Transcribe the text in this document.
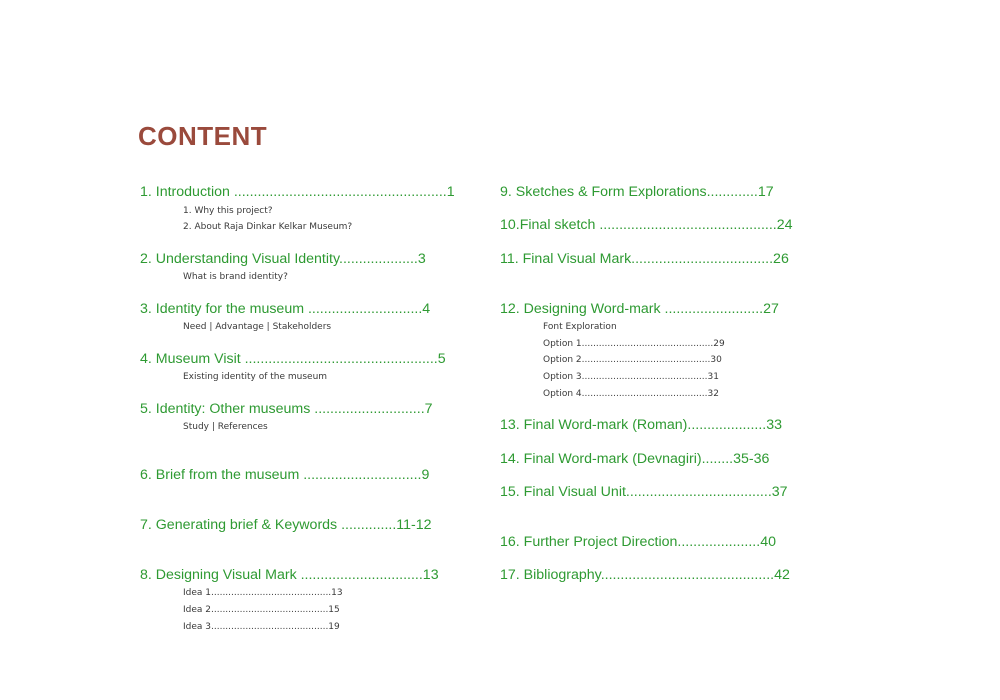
CONTENT

1. Introduction ......................................................1

1. Why this project?

2. About Raja Dinkar Kelkar Museum?

2. Understanding Visual Identity....................3

What is brand identity?

3. Identity for the museum .............................4

Need | Advantage | Stakeholders

4. Museum Visit .................................................5

Existing identity of the museum

5. Identity: Other museums ............................7

Study | References

6. Brief from the museum ..............................9

7. Generating brief & Keywords ..............11-12

8. Designing Visual Mark ...............................13

Idea 1..........................................13

Idea 2.........................................15

Idea 3.........................................19

9. Sketches & Form Explorations.............17

10.Final sketch .............................................24

11. Final Visual Mark....................................26

12. Designing Word-mark .........................27

Font Exploration

Option 1..............................................29

Option 2.............................................30

Option 3............................................31

Option 4............................................32

13. Final Word-mark (Roman)....................33

14. Final Word-mark (Devnagiri)........35-36

15. Final Visual Unit.....................................37

16. Further Project Direction.....................40

17. Bibliography............................................42
